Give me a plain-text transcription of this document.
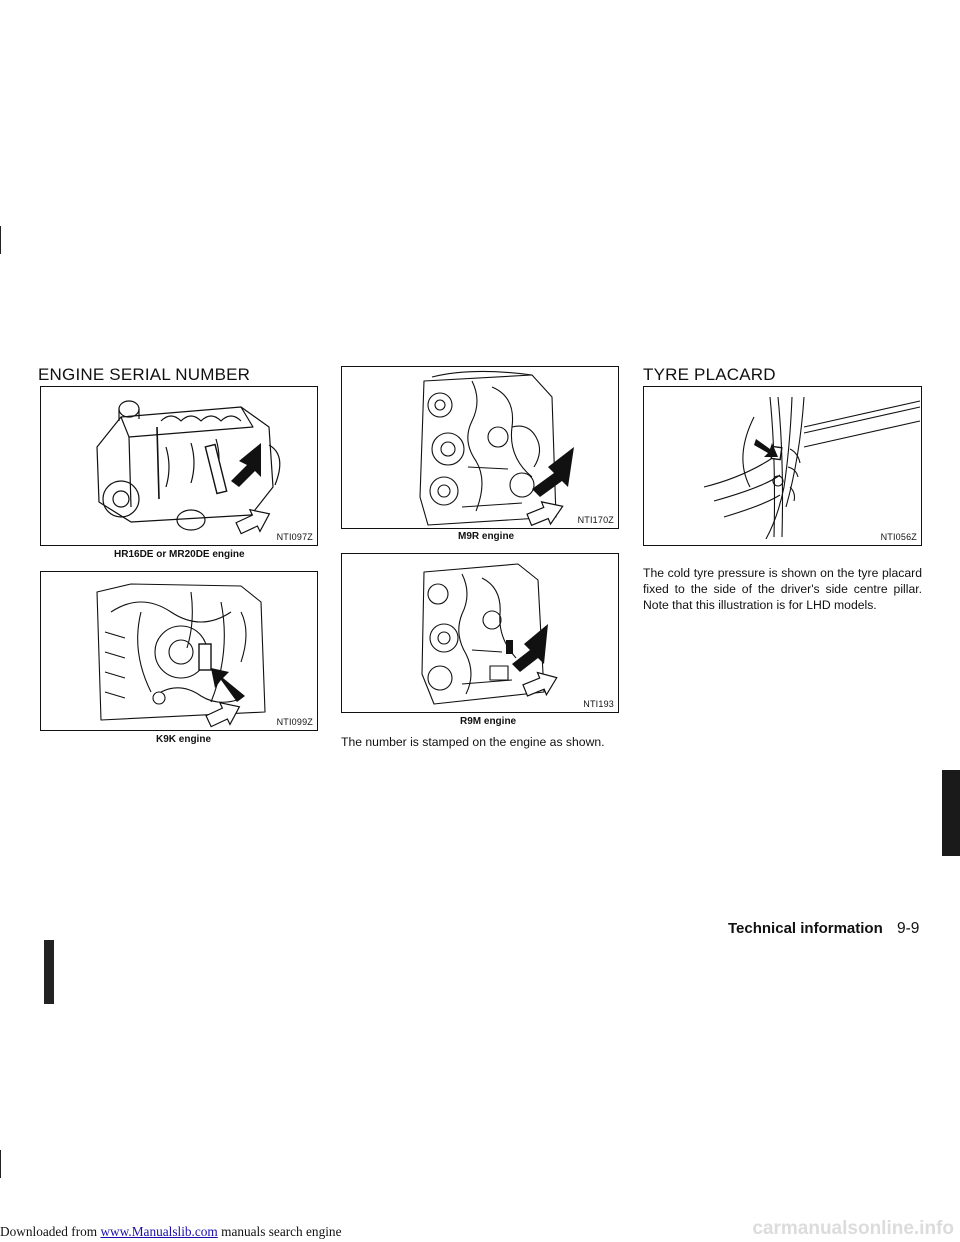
ENGINE SERIAL NUMBER
NTI097Z
HR16DE or MR20DE engine
NTI099Z
K9K engine
NTI170Z
M9R engine
NTI193
R9M engine
The number is stamped on the engine as shown.
TYRE PLACARD
NTI056Z
The cold tyre pressure is shown on the tyre placard fixed to the side of the driver's side centre pillar. Note that this illustration is for LHD models.
Technical information 9-9
Downloaded from www.Manualslib.com manuals search engine	carmanualsonline.info
